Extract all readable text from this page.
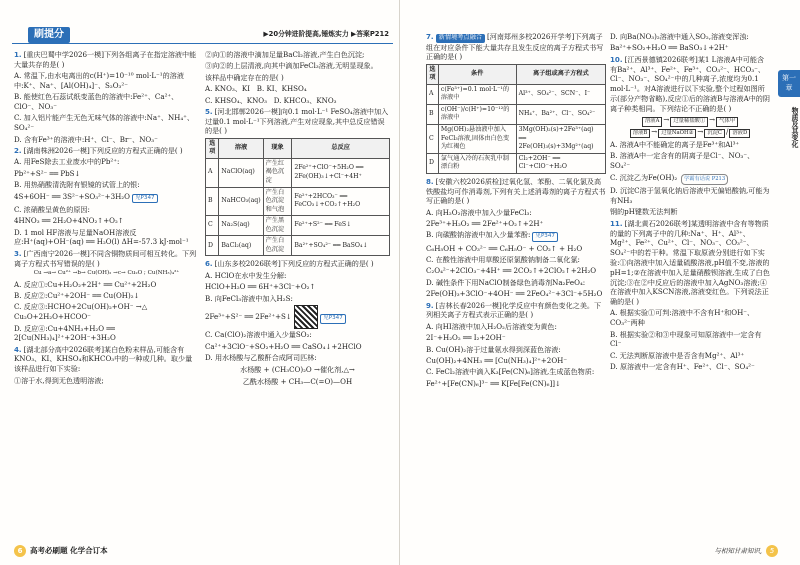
刷提分	▶20分钟进阶提高,锤炼实力 ▶答案P212

1. [重庆巴蜀中学2026一模]下列各组离子在指定溶液中能大量共存的是( )

A. 常温下,由水电离出的c(H⁺)=10⁻¹⁰ mol·L⁻¹的溶液中:K⁺、Na⁺、[Al(OH)₄]⁻、S₂O₃²⁻

B. 能使红色石蕊试纸变蓝色的溶液中:Fe²⁺、Ca²⁺、ClO⁻、NO₃⁻

C. 加入铝片能产生无色无味气体的溶液中:Na⁺、NH₄⁺、SO₄²⁻

D. 含有Fe³⁺的溶液中:H⁺、Cl⁻、Br⁻、NO₃⁻

2. [湖南株洲2026一模]下列反应的方程式正确的是( )

A. 用FeS除去工业废水中的Pb²⁺:

Pb²⁺+S²⁻ ══ PbS↓

B. 用热硝酸清洗附有银镜的试管上的银:

4S+6OH⁻ ══ 3S²⁻+SO₃²⁻+3H₂O 见P347

C. 浓硝酸呈黄色的原因:

4HNO₃ ══ 2H₂O+4NO₂↑+O₂↑

D. 1 mol HF溶液与足量NaOH溶液反应:H⁺(aq)+OH⁻(aq) ══ H₂O(l) ΔH=-57.3 kJ·mol⁻¹

3. [广西南宁2026一模]不同含铜物质间可相互转化。下列离子方程式书写错误的是( )

Cu →a→ Cu²⁺ →b→ Cu(OH)₂ →c→ Cu₂O ; Cu(NH₃)₄²⁺

A. 反应①:Cu+H₂O₂+2H⁺ ══ Cu²⁺+2H₂O

B. 反应②:Cu²⁺+2OH⁻ ══ Cu(OH)₂↓

C. 反应③:HCHO+2Cu(OH)₂+OH⁻ →△ Cu₂O+2H₂O+HCOO⁻

D. 反应④:Cu+4NH₃+H₂O ══ 2[Cu(NH₃)₄]²⁺+2OH⁻+3H₂O

4. [湖北部分高中2026联考]某白色粉末样品,可能含有KNO₃、KI、KHSO₄和KHCO₃中的一种或几种。取少量该样品进行如下实验:

①溶于水,得到无色透明溶液;

②向①的溶液中滴加足量BaCl₂溶液,产生白色沉淀;

③向②的上层清液,向其中滴加FeCl₃溶液,无明显现象。

该样品中确定存在的是( )

A. KNO₃、KI B. KI、KHSO₄

C. KHSO₄、KNO₃ D. KHCO₃、KNO₃

5. [河北邯郸2026一模]向0.1 mol·L⁻¹ FeSO₄溶液中加入过量0.1 mol·L⁻¹下列溶液,产生对应现象,其中总反应错误的是( )

选项	溶液	现象	总反应
A	NaClO(aq)	产生红褐色沉淀	2Fe²⁺+ClO⁻+5H₂O ══ 2Fe(OH)₃↓+Cl⁻+4H⁺
B	NaHCO₃(aq)	产生白色沉淀和气泡	Fe²⁺+2HCO₃⁻ ══ FeCO₃↓+CO₂↑+H₂O
C	Na₂S(aq)	产生黑色沉淀	Fe²⁺+S²⁻ ══ FeS↓
D	BaCl₂(aq)	产生白色沉淀	Ba²⁺+SO₄²⁻ ══ BaSO₄↓

6. [山东多校2026联考]下列反应的方程式正确的是( )

A. HClO在水中发生分解:

HClO+H₂O ══ 6H⁺+3Cl⁻+O₂↑

B. 向FeCl₃溶液中加入H₂S:

2Fe³⁺+S²⁻ ══ 2Fe²⁺+S↓	见P347

C. Ca(ClO)₂溶液中通入少量SO₂:

Ca²⁺+3ClO⁻+SO₂+H₂O ══ CaSO₄↓+2HClO

D. 用水杨酸与乙酸酐合成阿司匹林:

水杨酸 + (CH₃CO)₂O →催化剂,△→

乙酰水杨酸 + CH₃—C(=O)—OH

6	高考必刷题 化学合订本
第一章
物质及其变化

7. 新情境考点融合 [河南郑州多校2026开学考]下列离子组在对应条件下能大量共存且发生反应的离子方程式书写正确的是( )

选项	条件	离子组或离子方程式
A	c(Fe³⁺)=0.1 mol·L⁻¹的溶液中	Al³⁺、SO₄²⁻、SCN⁻、I⁻
B	c(OH⁻)/c(H⁺)=10⁻¹²的溶液中	NH₄⁺、Ba²⁺、Cl⁻、SO₄²⁻
C	Mg(OH)₂悬浊液中加入FeCl₃溶液,固体由白色变为红褐色	3Mg(OH)₂(s)+2Fe³⁺(aq) ══ 2Fe(OH)₃(s)+3Mg²⁺(aq)
D	氯气通入冷的石灰乳中制漂白粉	Cl₂+2OH⁻ ══ Cl⁻+ClO⁻+H₂O

8. [安徽六校2026质检]过氧化氢、苯酚、二氧化氯及高铁酸盐均可作消毒剂,下列有关上述消毒剂的离子方程式书写正确的是( )

A. 向H₂O₂溶液中加入少量FeCl₃:

2Fe³⁺+H₂O₂ ══ 2Fe²⁺+O₂↑+2H⁺

B. 向碳酸钠溶液中加入少量苯酚: 见P347

C₆H₅OH + CO₃²⁻ ══ C₆H₅O⁻ + CO₂↑ + H₂O

C. 在酸性溶液中用草酸还原氯酸钠制备二氧化氯:

C₂O₄²⁻+2ClO₃⁻+4H⁺ ══ 2CO₂↑+2ClO₂↑+2H₂O

D. 碱性条件下用NaClO制备绿色消毒剂Na₂FeO₄:

2Fe(OH)₃+3ClO⁻+4OH⁻ ══ 2FeO₄²⁻+3Cl⁻+5H₂O

9. [吉林长春2026一模]化学反应中有颜色变化之美。下列相关离子方程式表示正确的是( )

A. 向HI溶液中加入H₂O₂后溶液变为黄色:

2I⁻+H₂O₂ ══ I₂+2OH⁻

B. Cu(OH)₂溶于过量氨水得到深蓝色溶液:

Cu(OH)₂+4NH₃ ══ [Cu(NH₃)₄]²⁺+2OH⁻

C. FeCl₂溶液中滴入K₃[Fe(CN)₆]溶液,生成蓝色物质:

Fe²⁺+[Fe(CN)₆]³⁻ ══ K[Fe[Fe(CN)₆]]↓

D. 向Ba(NO₃)₂溶液中通入SO₂,溶液变浑浊:

Ba²⁺+SO₂+H₂O ══ BaSO₃↓+2H⁺

10. [江西景德镇2026联考]某1 L溶液A中可能含有Ba²⁺、Al³⁺、Fe²⁺、Fe³⁺、CO₃²⁻、HCO₃⁻、Cl⁻、NO₃⁻、SO₄²⁻中的几种离子,浓度均为0.1 mol·L⁻¹。对A溶液进行以下实验,整个过程如图所示(部分产物省略),反应①后的溶液B与溶液A中的阴离子种类相同。下列结论不正确的是( )

溶液A → 过量稀盐酸① → 气体甲
溶液B → 过量NaOH② → 沉淀C / 溶液D

A. 溶液A中不能确定的离子是Fe³⁺和Al³⁺

B. 溶液A中一定含有的阴离子是Cl⁻、NO₃⁻、SO₄²⁻

C. 沉淀乙为Fe(OH)₂ 学霸有话说 P213

D. 沉淀C溶于氢氧化钠后溶液中无偏铝酸钠,可能为有NH₃

钢的pH键数无法判断

11. [湖北黄石2026联考]某透明溶液中含有等物质的量的下列离子中的几种:Na⁺、H⁺、Al³⁺、Mg²⁺、Fe²⁺、Cu²⁺、Cl⁻、NO₃⁻、CO₃²⁻、SO₄²⁻中的若干种。常温下取原液分别进行如下实验:①向溶液中加入适量硫酸溶液,pH值不变,溶液的pH=1;②在溶液中加入足量硝酸钡溶液,生成了白色沉淀;③在②中反应后的溶液中加入AgNO₃溶液;④在溶液中加入KSCN溶液,溶液变红色。下列说法正确的是( )

A. 根据实验①可判:溶液中不含有H⁺和OH⁻、CO₃²⁻两种

B. 根据实验②和③中现象可知原溶液中一定含有Cl⁻

C. 无法判断原溶液中是否含有Mg²⁺、Al³⁺

D. 原溶液中一定含有H⁺、Fe²⁺、Cl⁻、SO₄²⁻

与相知甘肃知识,	5
